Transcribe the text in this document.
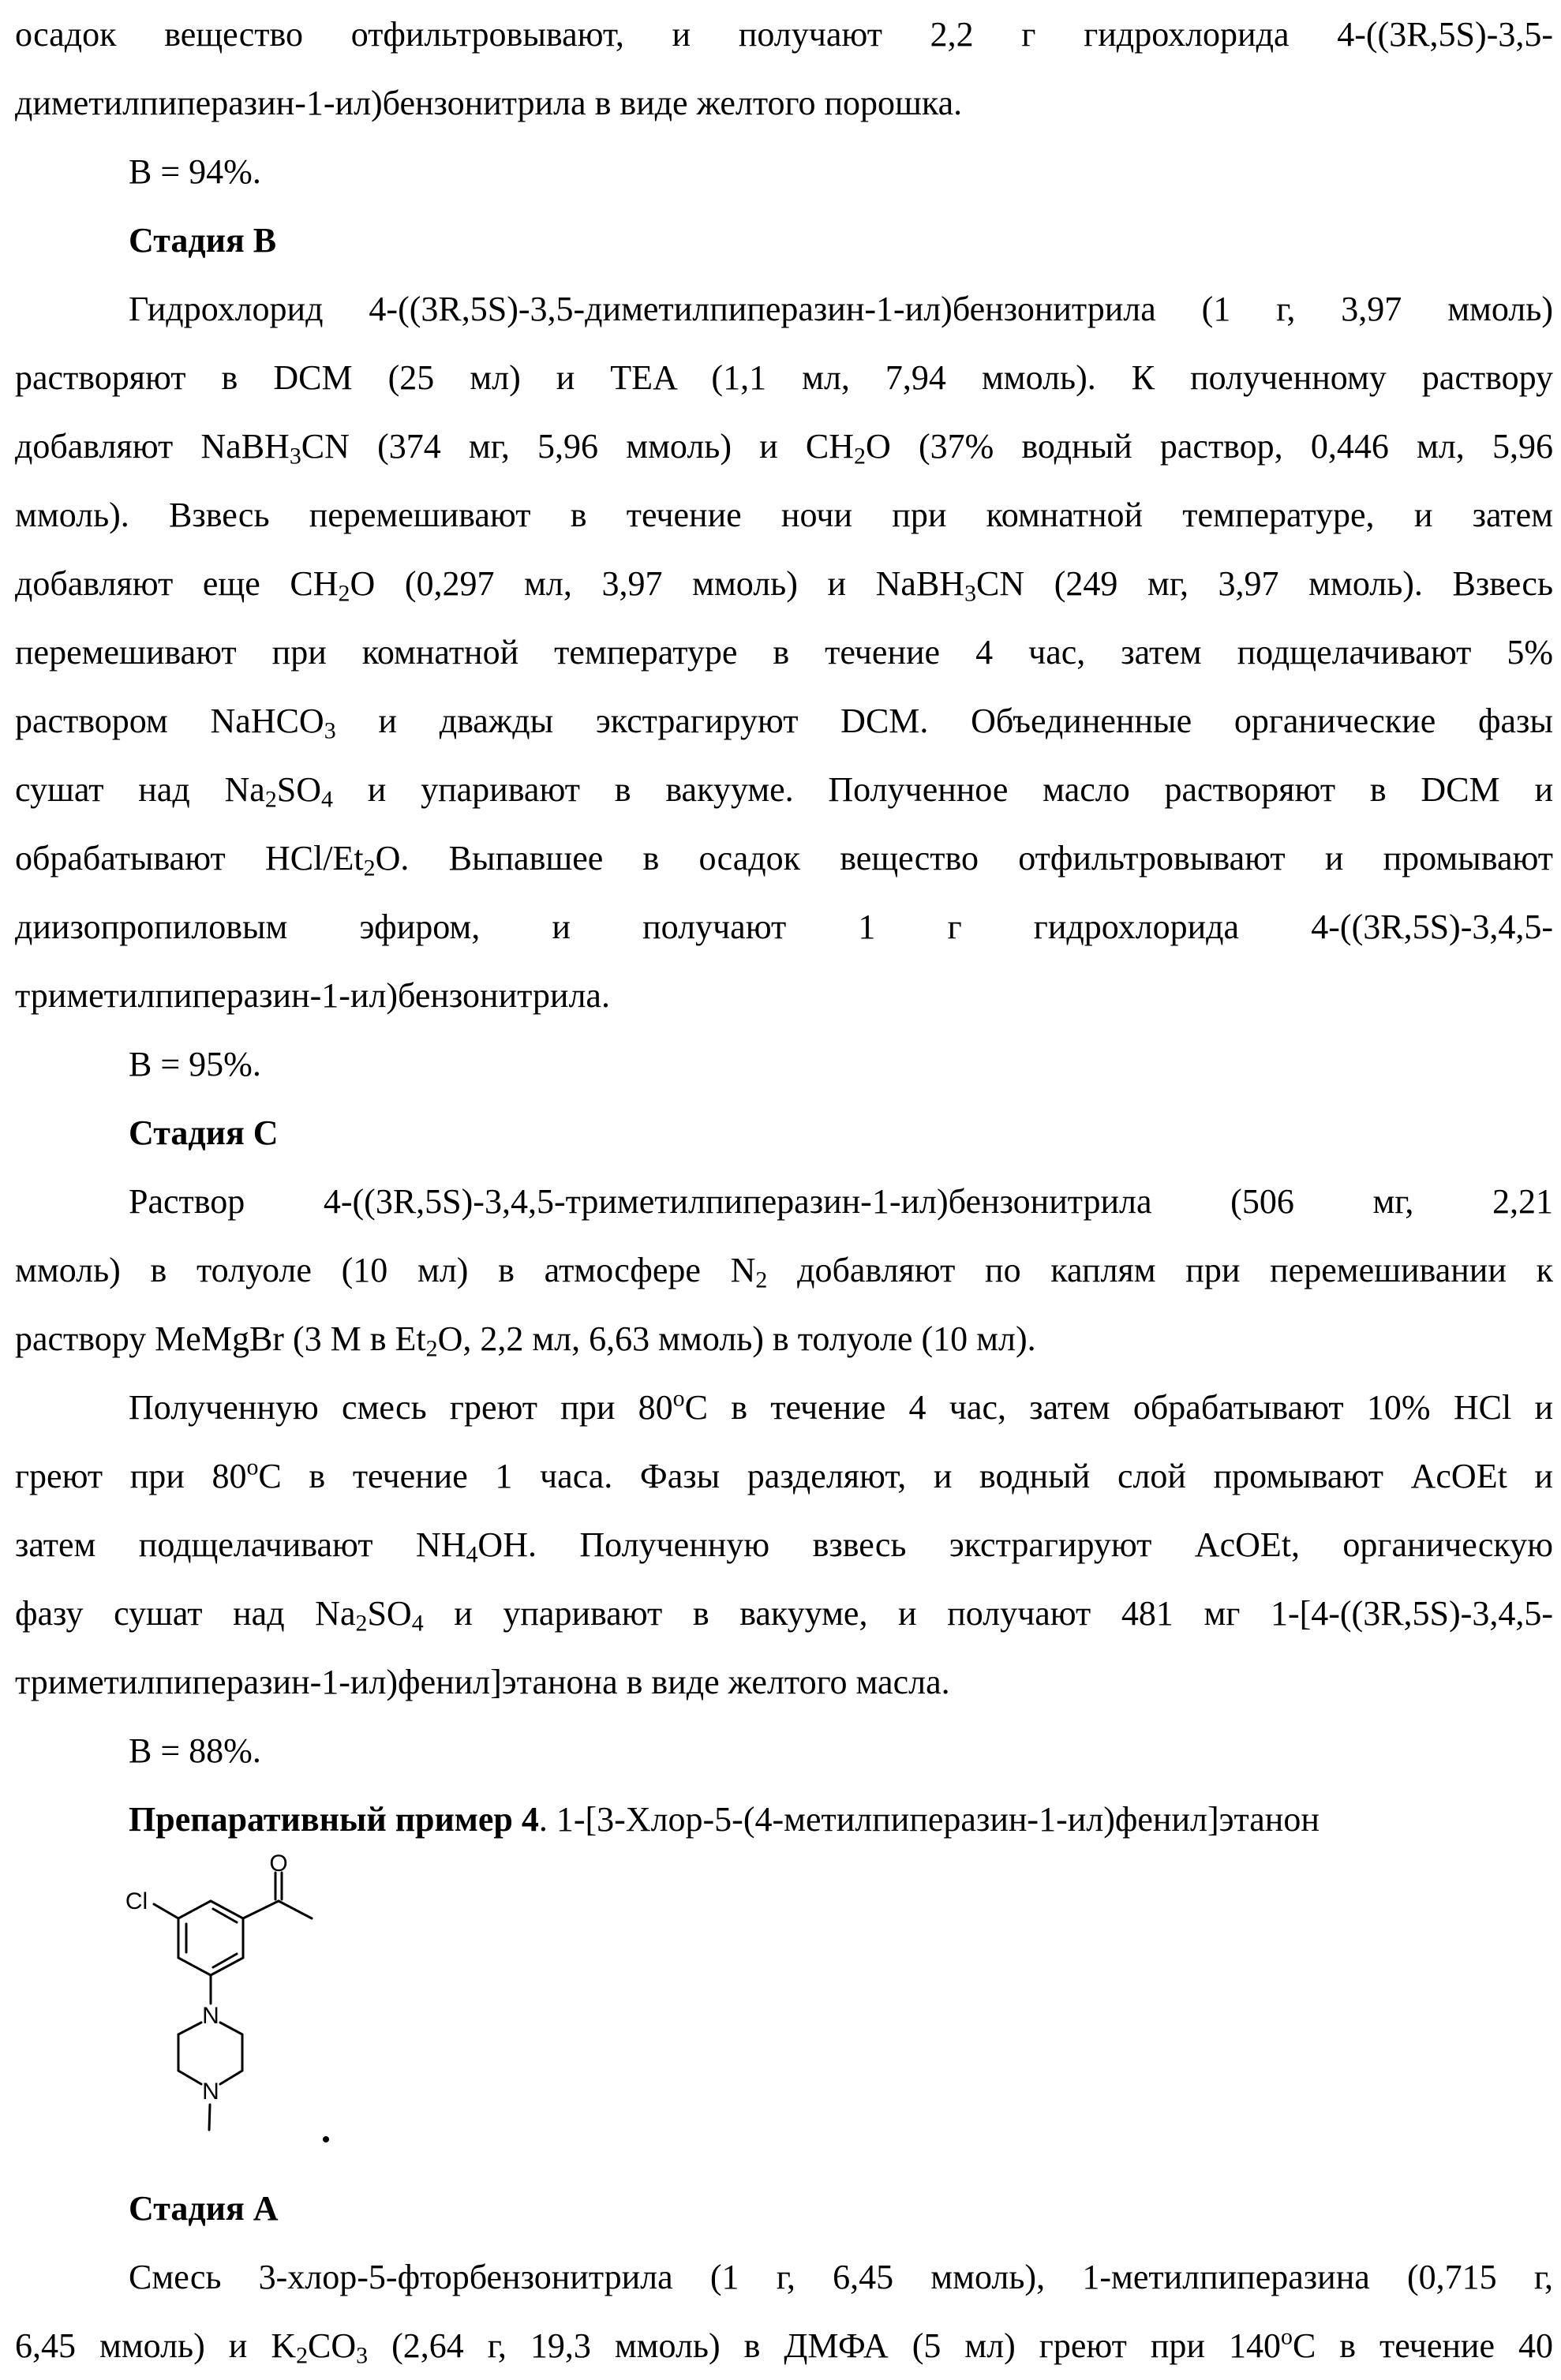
осадок вещество отфильтровывают, и получают 2,2 г гидрохлорида 4-((3R,5S)-3,5-
диметилпиперазин-1-ил)бензонитрила в виде желтого порошка.
В = 94%.
Стадия В
Гидрохлорид 4-((3R,5S)-3,5-диметилпиперазин-1-ил)бензонитрила (1 г, 3,97 ммоль)
растворяют в DCM (25 мл) и TEA (1,1 мл, 7,94 ммоль). К полученному раствору
добавляют NaBH3CN (374 мг, 5,96 ммоль) и CH2O (37% водный раствор, 0,446 мл, 5,96
ммоль). Взвесь перемешивают в течение ночи при комнатной температуре, и затем
добавляют еще CH2O (0,297 мл, 3,97 ммоль) и NaBH3CN (249 мг, 3,97 ммоль). Взвесь
перемешивают при комнатной температуре в течение 4 час, затем подщелачивают 5%
раствором NaHCO3 и дважды экстрагируют DCM. Объединенные органические фазы
сушат над Na2SO4 и упаривают в вакууме. Полученное масло растворяют в DCM и
обрабатывают HCl/Et2O. Выпавшее в осадок вещество отфильтровывают и промывают
диизопропиловым эфиром, и получают 1 г гидрохлорида 4-((3R,5S)-3,4,5-
триметилпиперазин-1-ил)бензонитрила.
В = 95%.
Стадия С
Раствор 4-((3R,5S)-3,4,5-триметилпиперазин-1-ил)бензонитрила (506 мг, 2,21
ммоль) в толуоле (10 мл) в атмосфере N2 добавляют по каплям при перемешивании к
раствору MeMgBr (3 M в Et2O, 2,2 мл, 6,63 ммоль) в толуоле (10 мл).
Полученную смесь греют при 80oC в течение 4 час, затем обрабатывают 10% HCl и
греют при 80oC в течение 1 часа. Фазы разделяют, и водный слой промывают AcOEt и
затем подщелачивают NH4OH. Полученную взвесь экстрагируют AcOEt, органическую
фазу сушат над Na2SO4 и упаривают в вакууме, и получают 481 мг 1-[4-((3R,5S)-3,4,5-
триметилпиперазин-1-ил)фенил]этанона в виде желтого масла.
В = 88%.
Препаративный пример 4. 1-[3-Хлор-5-(4-метилпиперазин-1-ил)фенил]этанон
Cl
O
N
N
Стадия А
Смесь 3-хлор-5-фторбензонитрила (1 г, 6,45 ммоль), 1-метилпиперазина (0,715 г,
6,45 ммоль) и K2CO3 (2,64 г, 19,3 ммоль) в ДМФА (5 мл) греют при 140oС в течение 40
